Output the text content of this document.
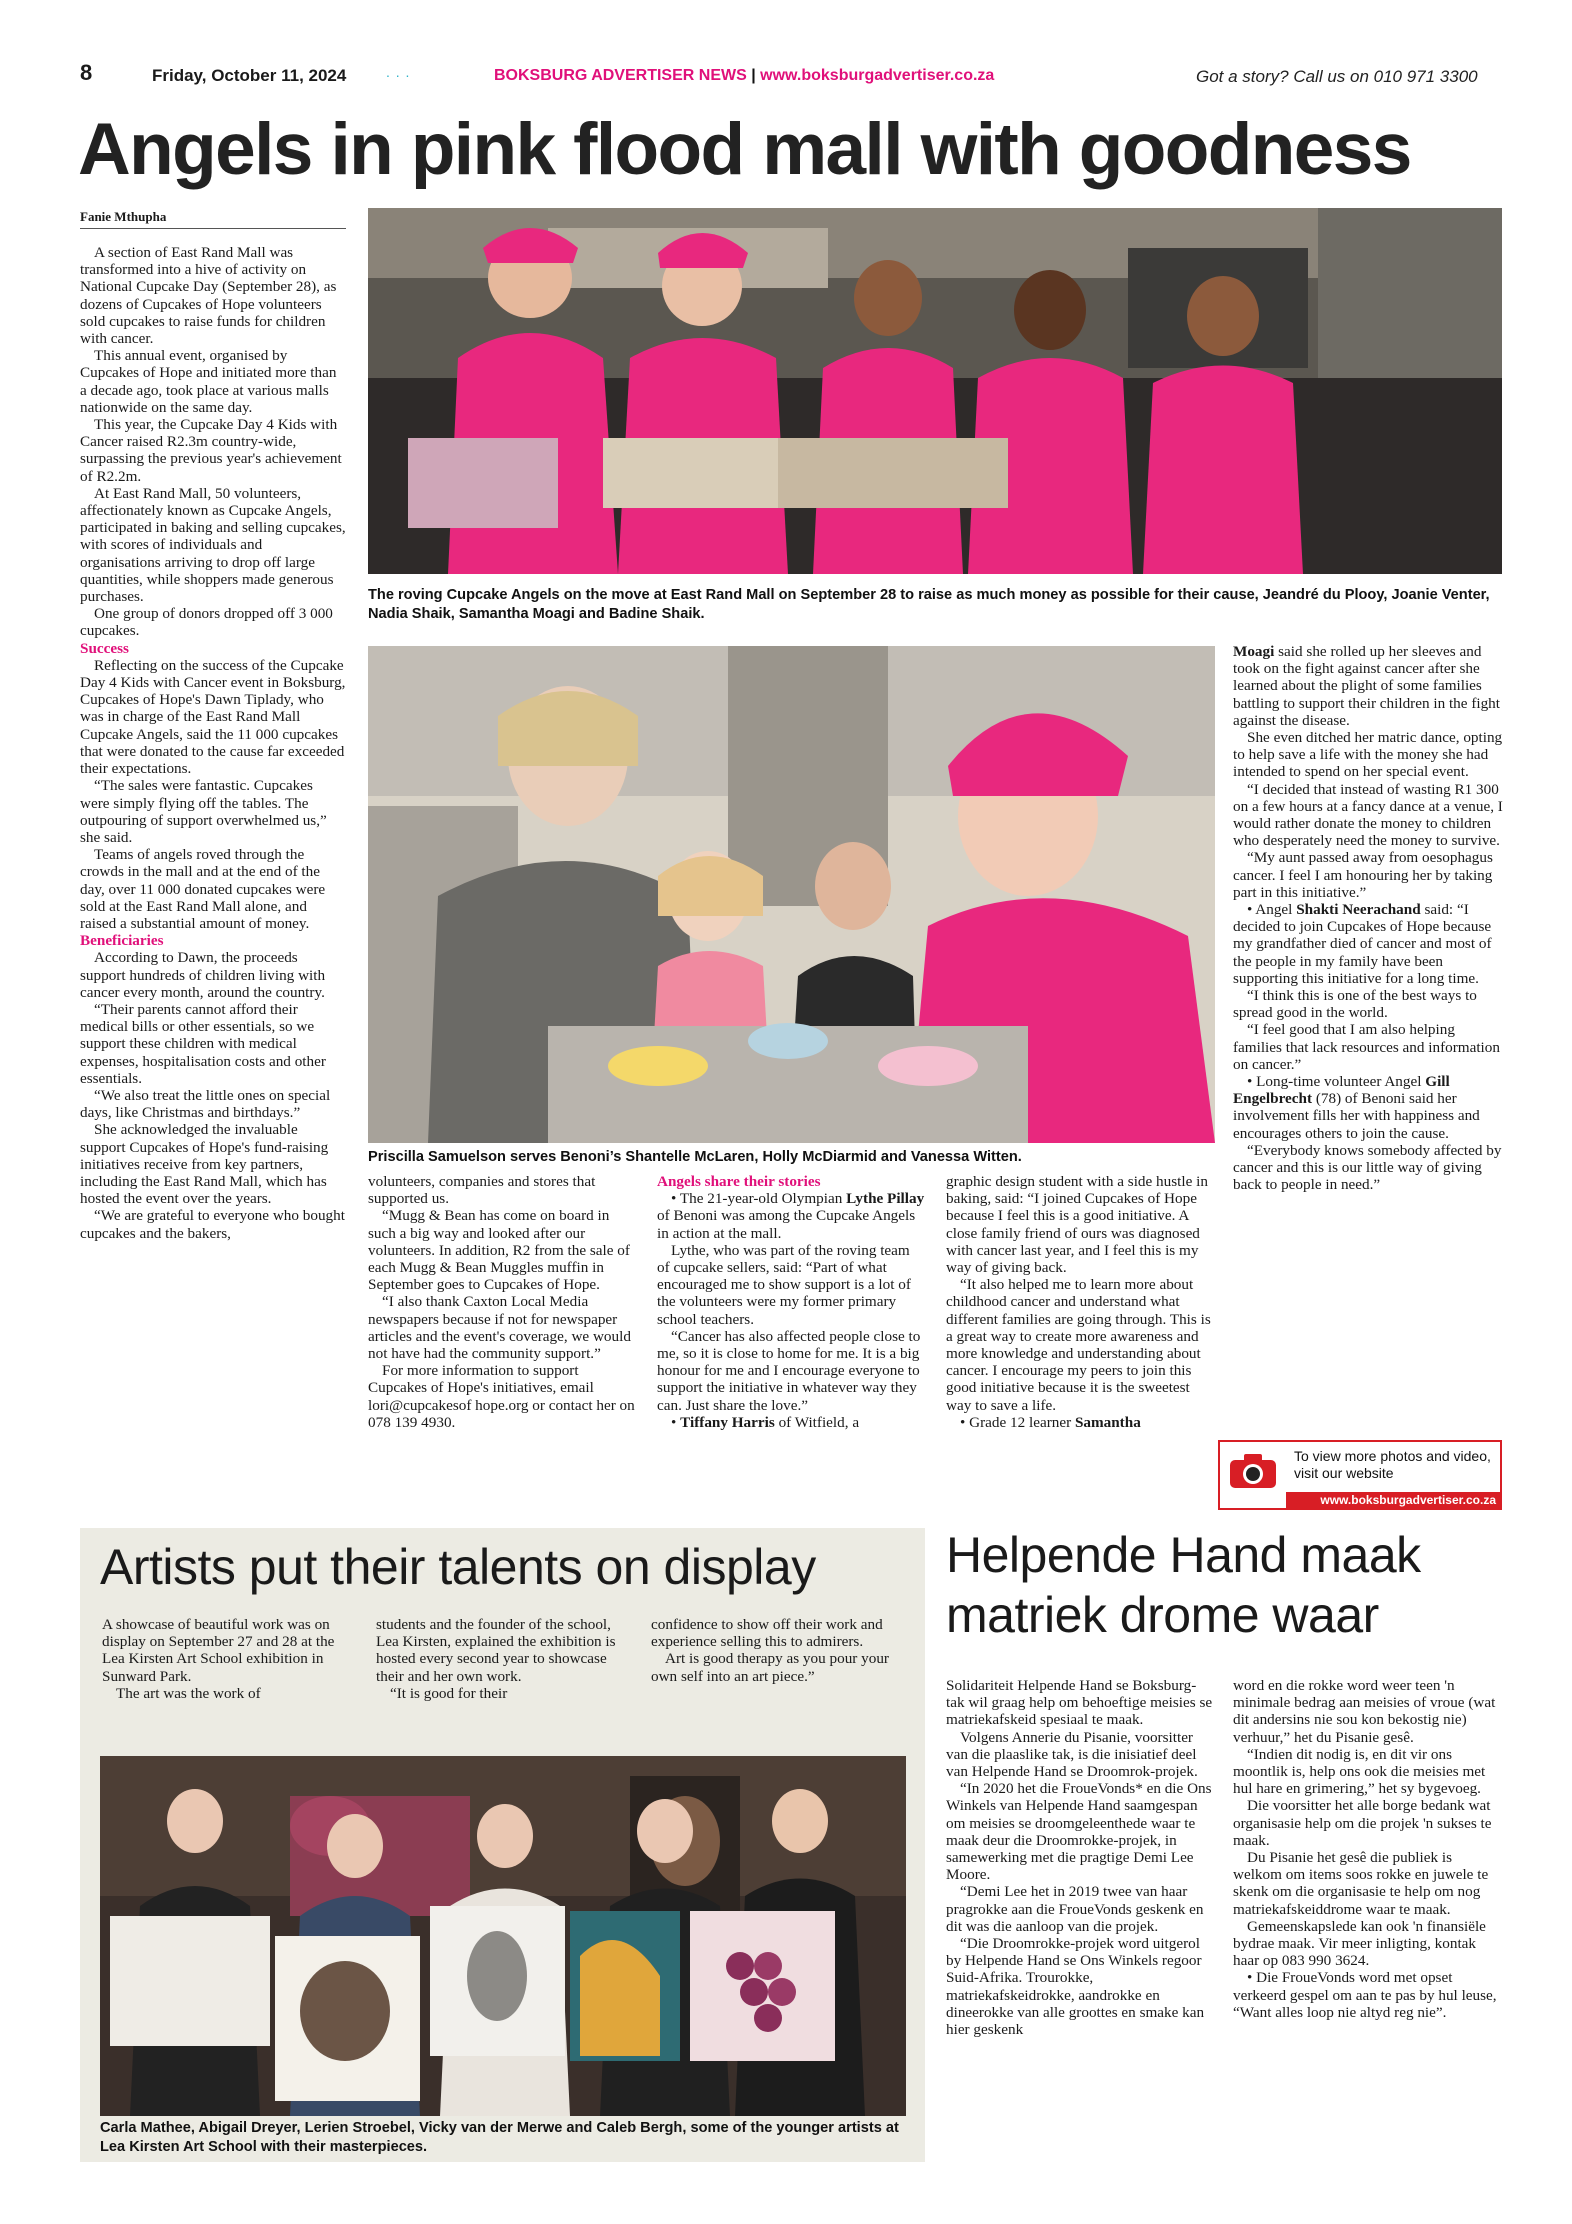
8	Friday, October 11, 2024	. . .	BOKSBURG ADVERTISER NEWS | www.boksburgadvertiser.co.za	Got a story? Call us on 010 971 3300
Angels in pink flood mall with goodness
Fanie Mthupha

A section of East Rand Mall was transformed into a hive of activity on National Cupcake Day (September 28), as dozens of Cupcakes of Hope volunteers sold cupcakes to raise funds for children with cancer.

This annual event, organised by Cupcakes of Hope and initiated more than a decade ago, took place at various malls nationwide on the same day.

This year, the Cupcake Day 4 Kids with Cancer raised R2.3m country-wide, surpassing the previous year's achievement of R2.2m.

At East Rand Mall, 50 volunteers, affectionately known as Cupcake Angels, participated in baking and selling cupcakes, with scores of individuals and organisations arriving to drop off large quantities, while shoppers made generous purchases.

One group of donors dropped off 3 000 cupcakes.

Success

Reflecting on the success of the Cupcake Day 4 Kids with Cancer event in Boksburg, Cupcakes of Hope's Dawn Tiplady, who was in charge of the East Rand Mall Cupcake Angels, said the 11 000 cupcakes that were donated to the cause far exceeded their expectations.

“The sales were fantastic. Cupcakes were simply flying off the tables. The outpouring of support overwhelmed us,” she said.

Teams of angels roved through the crowds in the mall and at the end of the day, over 11 000 donated cupcakes were sold at the East Rand Mall alone, and raised a substantial amount of money.

Beneficiaries

According to Dawn, the proceeds support hundreds of children living with cancer every month, around the country.

“Their parents cannot afford their medical bills or other essentials, so we support these children with medical expenses, hospitalisation costs and other essentials.

“We also treat the little ones on special days, like Christmas and birthdays.”

She acknowledged the invaluable support Cupcakes of Hope's fund-raising initiatives receive from key partners, including the East Rand Mall, which has hosted the event over the years.

“We are grateful to everyone who bought cupcakes and the bakers,

volunteers, companies and stores that supported us.

“Mugg & Bean has come on board in such a big way and looked after our volunteers. In addition, R2 from the sale of each Mugg & Bean Muggles muffin in September goes to Cupcakes of Hope.

“I also thank Caxton Local Media newspapers because if not for newspaper articles and the event's coverage, we would not have had the community support.”

For more information to support Cupcakes of Hope's initiatives, email lori@cupcakesof hope.org or contact her on 078 139 4930.

Angels share their stories

• The 21-year-old Olympian Lythe Pillay of Benoni was among the Cupcake Angels in action at the mall.

Lythe, who was part of the roving team of cupcake sellers, said: “Part of what encouraged me to show support is a lot of the volunteers were my former primary school teachers.

“Cancer has also affected people close to me, so it is close to home for me. It is a big honour for me and I encourage everyone to support the initiative in whatever way they can. Just share the love.”

• Tiffany Harris of Witfield, a

graphic design student with a side hustle in baking, said: “I joined Cupcakes of Hope because I feel this is a good initiative. A close family friend of ours was diagnosed with cancer last year, and I feel this is my way of giving back.

“It also helped me to learn more about childhood cancer and understand what different families are going through. This is a great way to create more awareness and more knowledge and understanding about cancer. I encourage my peers to join this good initiative because it is the sweetest way to save a life.

• Grade 12 learner Samantha

Moagi said she rolled up her sleeves and took on the fight against cancer after she learned about the plight of some families battling to support their children in the fight against the disease.

She even ditched her matric dance, opting to help save a life with the money she had intended to spend on her special event.

“I decided that instead of wasting R1 300 on a few hours at a fancy dance at a venue, I would rather donate the money to children who desperately need the money to survive.

“My aunt passed away from oesophagus cancer. I feel I am honouring her by taking part in this initiative.”

• Angel Shakti Neerachand said: “I decided to join Cupcakes of Hope because my grandfather died of cancer and most of the people in my family have been supporting this initiative for a long time.

“I think this is one of the best ways to spread good in the world.

“I feel good that I am also helping families that lack resources and information on cancer.”

• Long-time volunteer Angel Gill Engelbrecht (78) of Benoni said her involvement fills her with happiness and encourages others to join the cause.

“Everybody knows somebody affected by cancer and this is our little way of giving back to people in need.”

The roving Cupcake Angels on the move at East Rand Mall on September 28 to raise as much money as possible for their cause, Jeandré du Plooy, Joanie Venter, Nadia Shaik, Samantha Moagi and Badine Shaik.
Priscilla Samuelson serves Benoni’s Shantelle McLaren, Holly McDiarmid and Vanessa Witten.
To view more photos and video, visit our website
www.boksburgadvertiser.co.za
Artists put their talents on display

A showcase of beautiful work was on display on September 27 and 28 at the Lea Kirsten Art School exhibition in Sunward Park.

The art was the work of

students and the founder of the school, Lea Kirsten, explained the exhibition is hosted every second year to showcase their and her own work.

“It is good for their

confidence to show off their work and experience selling this to admirers.

Art is good therapy as you pour your own self into an art piece.”

Carla Mathee, Abigail Dreyer, Lerien Stroebel, Vicky van der Merwe and Caleb Bergh, some of the younger artists at Lea Kirsten Art School with their masterpieces.
Helpende Hand maak
matriek drome waar

Solidariteit Helpende Hand se Boksburg-tak wil graag help om behoeftige meisies se matriekafskeid spesiaal te maak.

Volgens Annerie du Pisanie, voorsitter van die plaaslike tak, is die inisiatief deel van Helpende Hand se Droomrok-projek.

“In 2020 het die FroueVonds* en die Ons Winkels van Helpende Hand saamgespan om meisies se droomgeleenthede waar te maak deur die Droomrokke-projek, in samewerking met die pragtige Demi Lee Moore.

“Demi Lee het in 2019 twee van haar pragrokke aan die FroueVonds geskenk en dit was die aanloop van die projek.

“Die Droomrokke-projek word uitgerol by Helpende Hand se Ons Winkels regoor Suid-Afrika. Trourokke, matriekafskeidrokke, aandrokke en dineerokke van alle groottes en smake kan hier geskenk

word en die rokke word weer teen 'n minimale bedrag aan meisies of vroue (wat dit andersins nie sou kon bekostig nie) verhuur,” het du Pisanie gesê.

“Indien dit nodig is, en dit vir ons moontlik is, help ons ook die meisies met hul hare en grimering,” het sy bygevoeg.

Die voorsitter het alle borge bedank wat organisasie help om die projek 'n sukses te maak.

Du Pisanie het gesê die publiek is welkom om items soos rokke en juwele te skenk om die organisasie te help om nog matriekafskeiddrome waar te maak.

Gemeenskapslede kan ook 'n finansiële bydrae maak. Vir meer inligting, kontak haar op 083 990 3624.

• Die FroueVonds word met opset verkeerd gespel om aan te pas by hul leuse, “Want alles loop nie altyd reg nie”.
